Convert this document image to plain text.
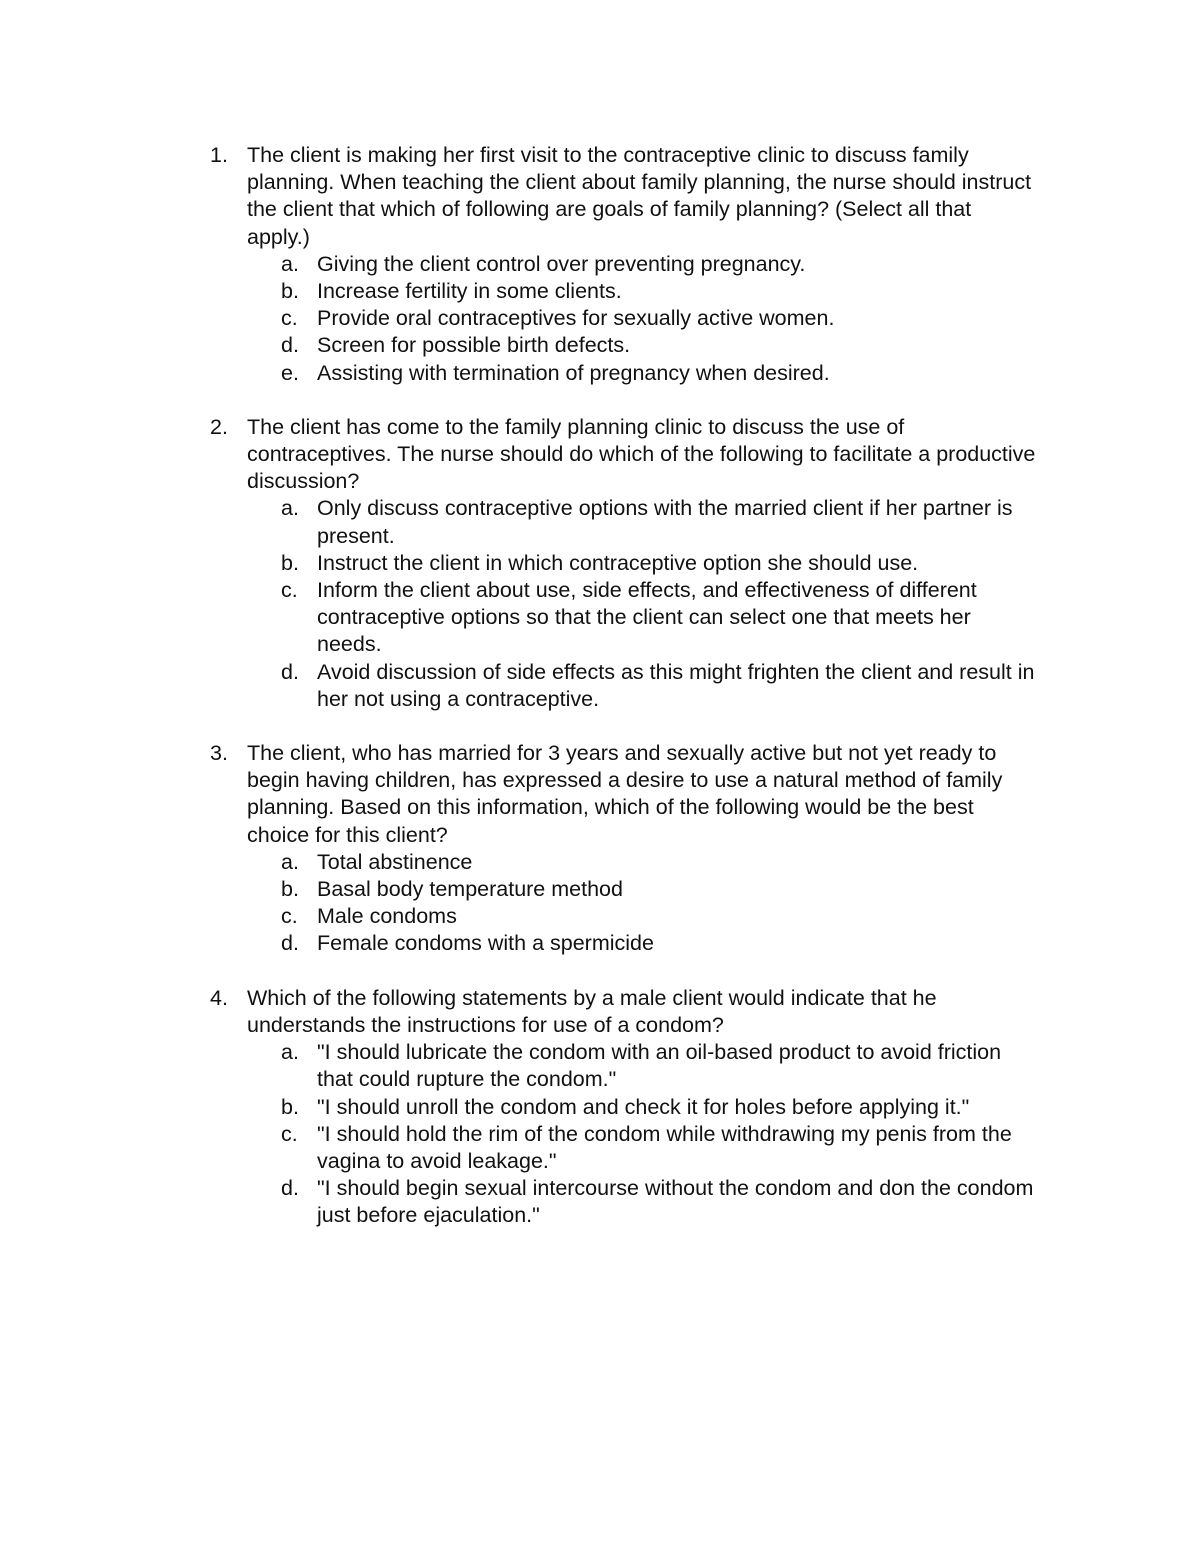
1. The client is making her first visit to the contraceptive clinic to discuss family planning. When teaching the client about family planning, the nurse should instruct the client that which of following are goals of family planning? (Select all that apply.)
a. Giving the client control over preventing pregnancy.
b. Increase fertility in some clients.
c. Provide oral contraceptives for sexually active women.
d. Screen for possible birth defects.
e. Assisting with termination of pregnancy when desired.
2. The client has come to the family planning clinic to discuss the use of contraceptives. The nurse should do which of the following to facilitate a productive discussion?
a. Only discuss contraceptive options with the married client if her partner is present.
b. Instruct the client in which contraceptive option she should use.
c. Inform the client about use, side effects, and effectiveness of different contraceptive options so that the client can select one that meets her needs.
d. Avoid discussion of side effects as this might frighten the client and result in her not using a contraceptive.
3. The client, who has married for 3 years and sexually active but not yet ready to begin having children, has expressed a desire to use a natural method of family planning. Based on this information, which of the following would be the best choice for this client?
a. Total abstinence
b. Basal body temperature method
c. Male condoms
d. Female condoms with a spermicide
4. Which of the following statements by a male client would indicate that he understands the instructions for use of a condom?
a. "I should lubricate the condom with an oil-based product to avoid friction that could rupture the condom."
b. "I should unroll the condom and check it for holes before applying it."
c. "I should hold the rim of the condom while withdrawing my penis from the vagina to avoid leakage."
d. "I should begin sexual intercourse without the condom and don the condom just before ejaculation."
